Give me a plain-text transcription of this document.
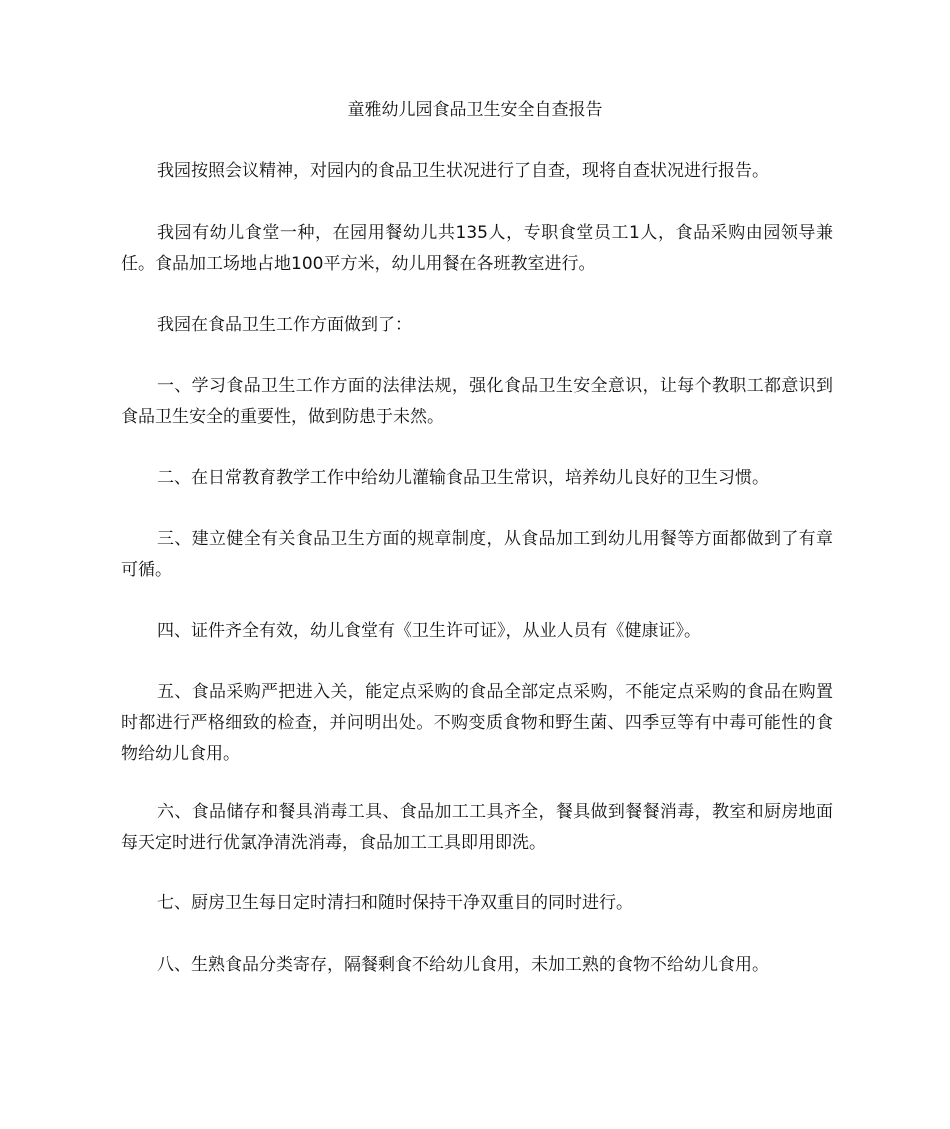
童雅幼儿园食品卫生安全自查报告

我园按照会议精神，对园内的食品卫生状况进行了自查，现将自查状况进行报告。

我园有幼儿食堂一种，在园用餐幼儿共135人，专职食堂员工1人，食品采购由园领导兼任。食品加工场地占地100平方米，幼儿用餐在各班教室进行。

我园在食品卫生工作方面做到了：

一、学习食品卫生工作方面的法律法规，强化食品卫生安全意识，让每个教职工都意识到食品卫生安全的重要性，做到防患于未然。

二、在日常教育教学工作中给幼儿灌输食品卫生常识，培养幼儿良好的卫生习惯。

三、建立健全有关食品卫生方面的规章制度，从食品加工到幼儿用餐等方面都做到了有章可循。

四、证件齐全有效，幼儿食堂有《卫生许可证》，从业人员有《健康证》。

五、食品采购严把进入关，能定点采购的食品全部定点采购，不能定点采购的食品在购置时都进行严格细致的检查，并问明出处。不购变质食物和野生菌、四季豆等有中毒可能性的食物给幼儿食用。

六、食品储存和餐具消毒工具、食品加工工具齐全，餐具做到餐餐消毒，教室和厨房地面每天定时进行优氯净清洗消毒，食品加工工具即用即洗。

七、厨房卫生每日定时清扫和随时保持干净双重目的同时进行。

八、生熟食品分类寄存，隔餐剩食不给幼儿食用，未加工熟的食物不给幼儿食用。
